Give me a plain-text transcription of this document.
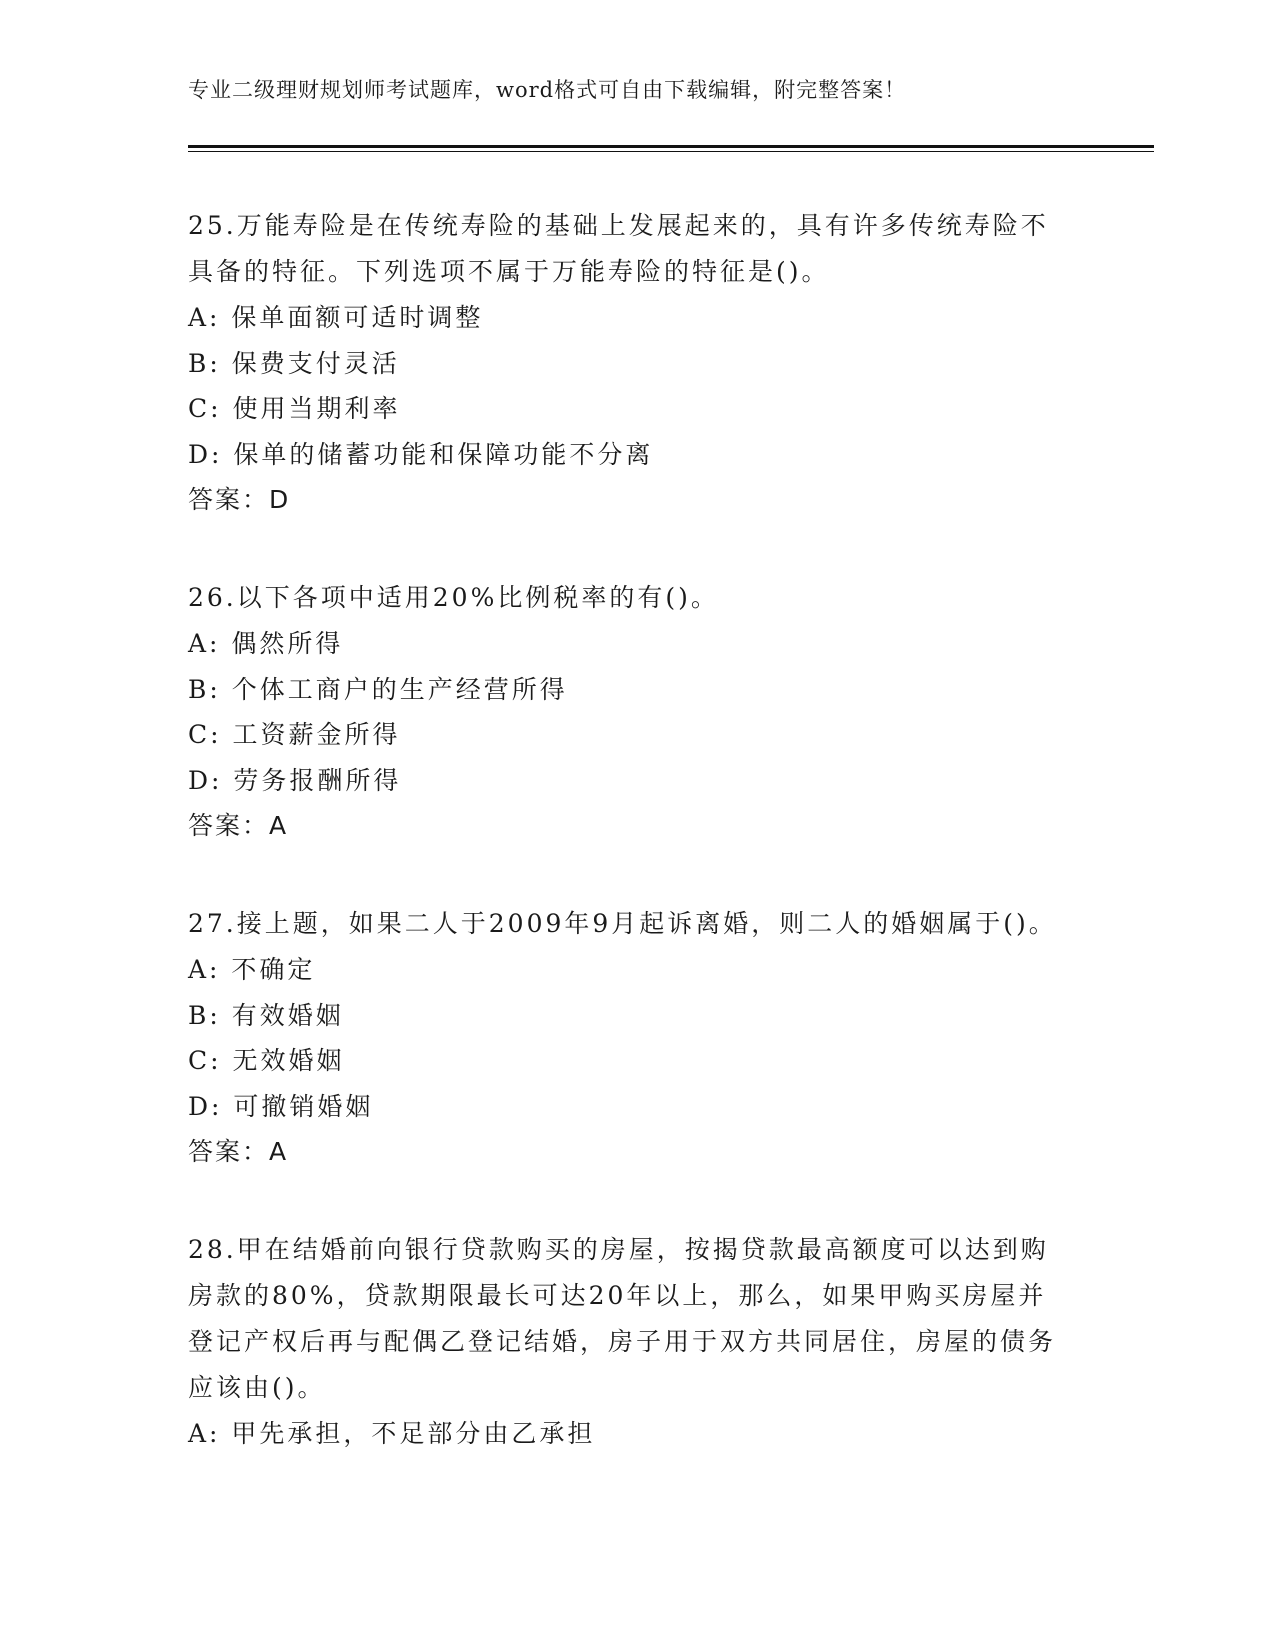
专业二级理财规划师考试题库，word格式可自由下载编辑，附完整答案！

25.万能寿险是在传统寿险的基础上发展起来的，具有许多传统寿险不具备的特征。下列选项不属于万能寿险的特征是()。

A: 保单面额可适时调整
B: 保费支付灵活
C: 使用当期利率
D: 保单的储蓄功能和保障功能不分离
答案：D

26.以下各项中适用20%比例税率的有()。

A: 偶然所得
B: 个体工商户的生产经营所得
C: 工资薪金所得
D: 劳务报酬所得
答案：A

27.接上题，如果二人于2009年9月起诉离婚，则二人的婚姻属于()。

A: 不确定
B: 有效婚姻
C: 无效婚姻
D: 可撤销婚姻
答案：A

28.甲在结婚前向银行贷款购买的房屋，按揭贷款最高额度可以达到购房款的80%，贷款期限最长可达20年以上，那么，如果甲购买房屋并登记产权后再与配偶乙登记结婚，房子用于双方共同居住，房屋的债务应该由()。

A: 甲先承担，不足部分由乙承担
